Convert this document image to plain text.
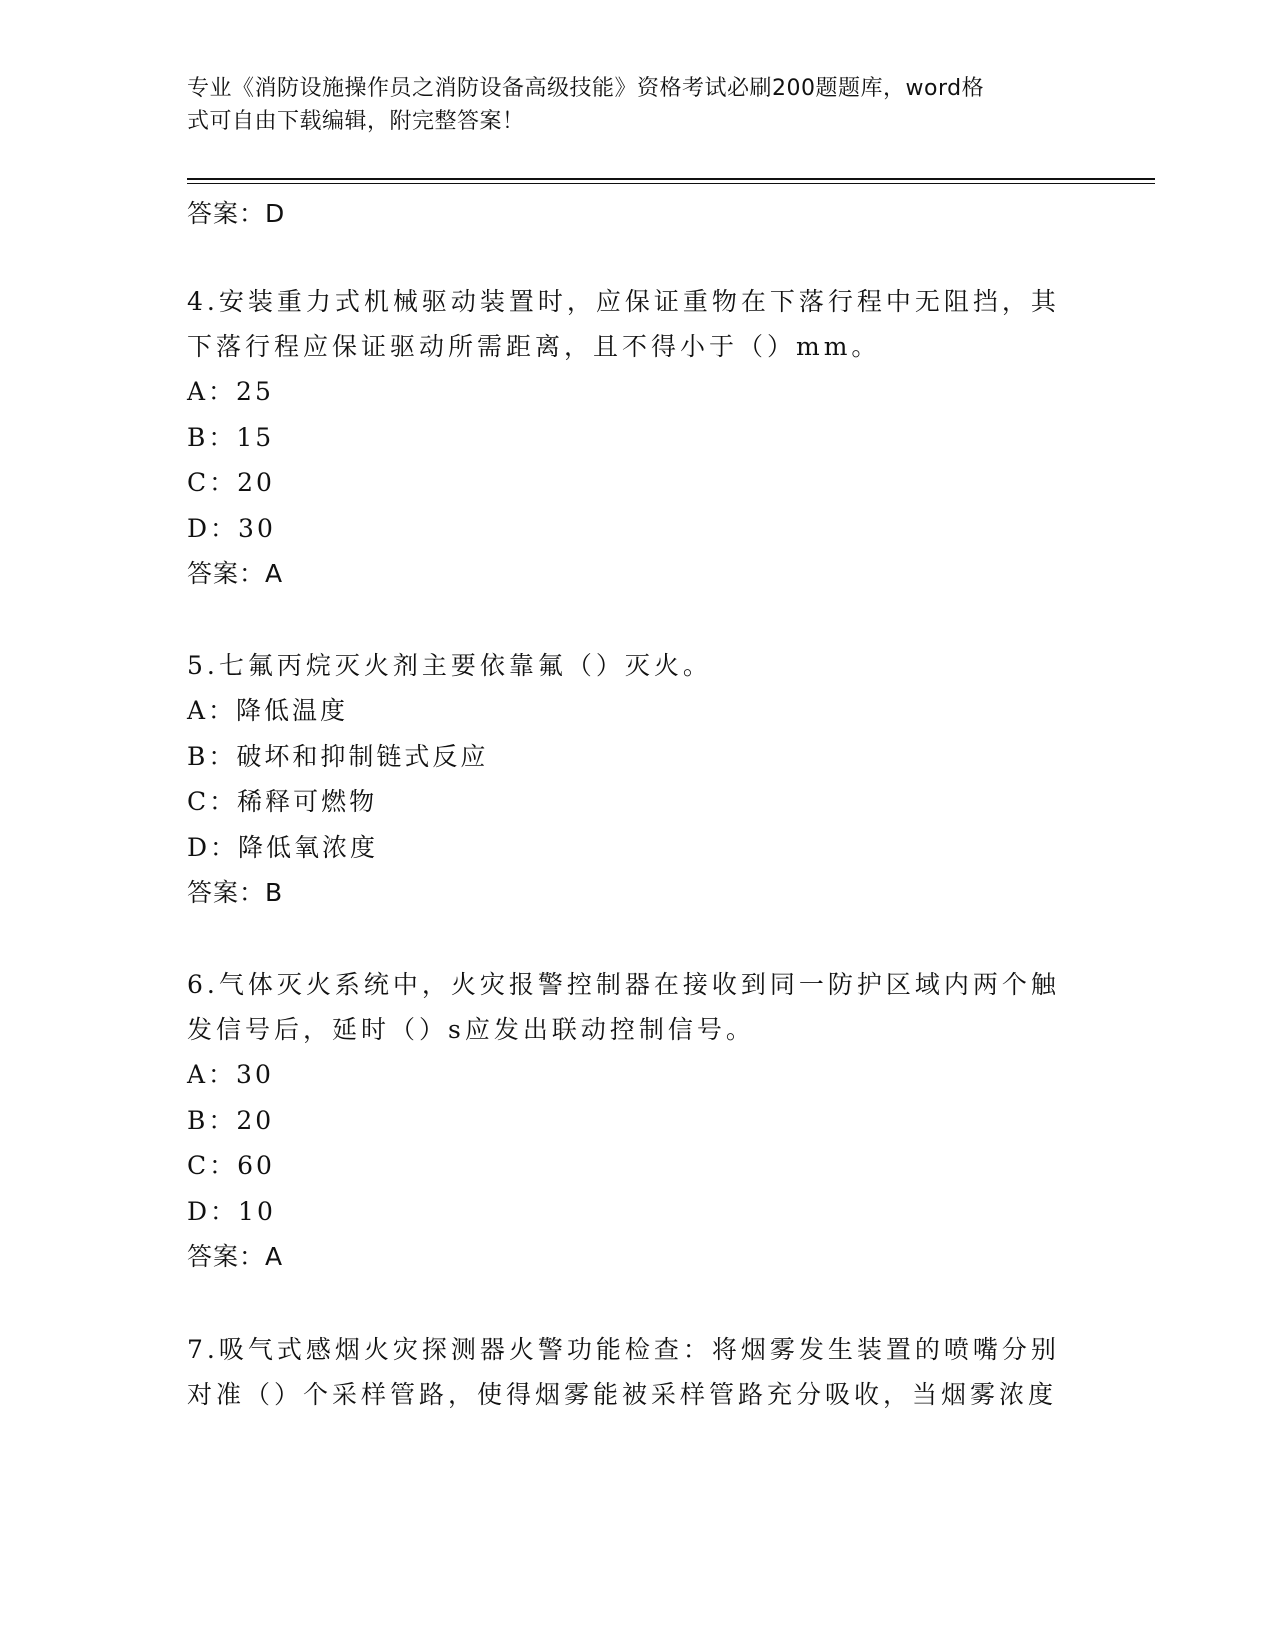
专业《消防设施操作员之消防设备高级技能》资格考试必刷200题题库，word格
式可自由下载编辑，附完整答案！
答案：D
4.安装重力式机械驱动装置时，应保证重物在下落行程中无阻挡，其
下落行程应保证驱动所需距离，且不得小于（）mm。
A：25
B：15
C：20
D：30
答案：A
5.七氟丙烷灭火剂主要依靠氟（）灭火。
A：降低温度
B：破坏和抑制链式反应
C：稀释可燃物
D：降低氧浓度
答案：B
6.气体灭火系统中，火灾报警控制器在接收到同一防护区域内两个触
发信号后，延时（）s应发出联动控制信号。
A：30
B：20
C：60
D：10
答案：A
7.吸气式感烟火灾探测器火警功能检查：将烟雾发生装置的喷嘴分别
对准（）个采样管路，使得烟雾能被采样管路充分吸收，当烟雾浓度
